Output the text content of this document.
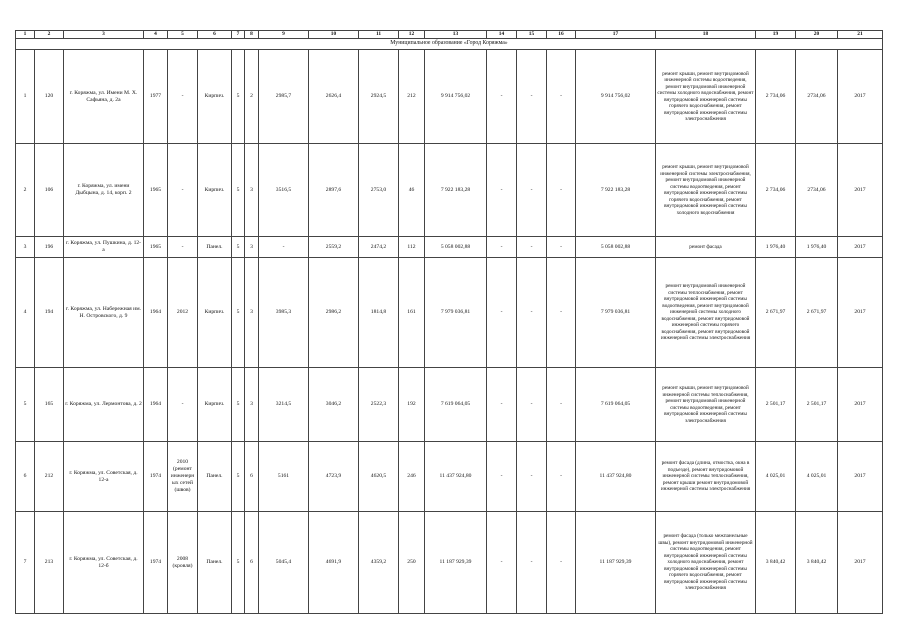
1	2	3	4	5	6	7	8	9	10	11	12	13	14	15	16	17	18	19	20	21
Муниципальное образование «Город Коряжма»																				
1	120	г. Коряжма, ул. Имени М. Х. Сафьяна, д. 2а	1977	-	Кирпич.	5	2	2985,7	2626,4	2924,5	212	9 914 756,02	-	-	-	9 914 756,02	ремонт крыши, ремонт внутридомовой инженерной системы водоотведения, ремонт внутридомовой инженерной системы холодного водоснабжения, ремонт внутридомовой инженерной системы горячего водоснабжения, ремонт внутридомовой инженерной системы электроснабжения	2 734,06	2734,06	2017
2	106	г. Коряжма, ул. имени Дыбцына, д. 14, корп. 2	1965	-	Кирпич.	5	3	3516,5	2897,6	2753,0	46	7 922 183,28	-	-	-	7 922 183,28	ремонт крыши, ремонт внутридомовой инженерной системы электроснабжения, ремонт внутридомовой инженерной системы водоотведения, ремонт внутридомовой инженерной системы горячего водоснабжения, ремонт внутридомовой инженерной системы холодного водоснабжения	2 734,06	2734,06	2017
3	196	г. Коряжма, ул. Пушкина, д. 12-а	1965	-	Панел.	5	3	-	2559,2	2474,2	112	5 058 002,88	-	-	-	5 058 002,88	ремонт фасада	1 976,40	1 976,40	2017
4	194	г. Коряжма, ул. Набережная им. Н. Островского, д. 9	1964	2012	Кирпич.	5	3	3985,3	2986,2	1814,8	161	7 979 036,81	-	-	-	7 979 036,81	ремонт внутридомовой инженерной системы теплоснабжения, ремонт внутридомовой инженерной системы водоотведения, ремонт внутридомовой инженерной системы холодного водоснабжения, ремонт внутридомовой инженерной системы горячего водоснабжения, ремонт внутридомовой инженерной системы электроснабжения	2 671,97	2 671,97	2017
5	165	г. Коряжма, ул. Лермонтова, д. 2	1964	-	Кирпич.	5	3	3214,5	3046,2	2522,3	192	7 619 064,05	-	-	-	7 619 064,05	ремонт крыши, ремонт внутридомовой инженерной системы теплоснабжения, ремонт внутридомовой инженерной системы водоотведения, ремонт внутридомовой инженерной системы электроснабжения	2 501,17	2 501,17	2017
6	212	г. Коряжма, ул. Советская, д. 12-а	1974	2010 (ремонт инженерных сетей (швов)	Панел.	5	6	5161	4723,9	4620,5	246	11 437 924,80	-	-	-	11 437 924,80	ремонт фасада (длина, отмостка, окна в подъезде), ремонт внутридомовой инженерной системы теплоснабжения, ремонт крыши ремонт внутридомовой инженерной системы электроснабжения	4 025,01	4 025,01	2017
7	213	г. Коряжма, ул. Советская, д. 12-б	1974	2008 (кровля)	Панел.	5	6	5045,4	4691,9	4359,2	250	11 187 929,39	-	-	-	11 187 929,39	ремонт фасада (только межпанельные швы), ремонт внутридомовой инженерной системы водоотведения, ремонт внутридомовой инженерной системы холодного водоснабжения, ремонт внутридомовой инженерной системы горячего водоснабжения, ремонт внутридомовой инженерной системы электроснабжения	3 840,42	3 840,42	2017
